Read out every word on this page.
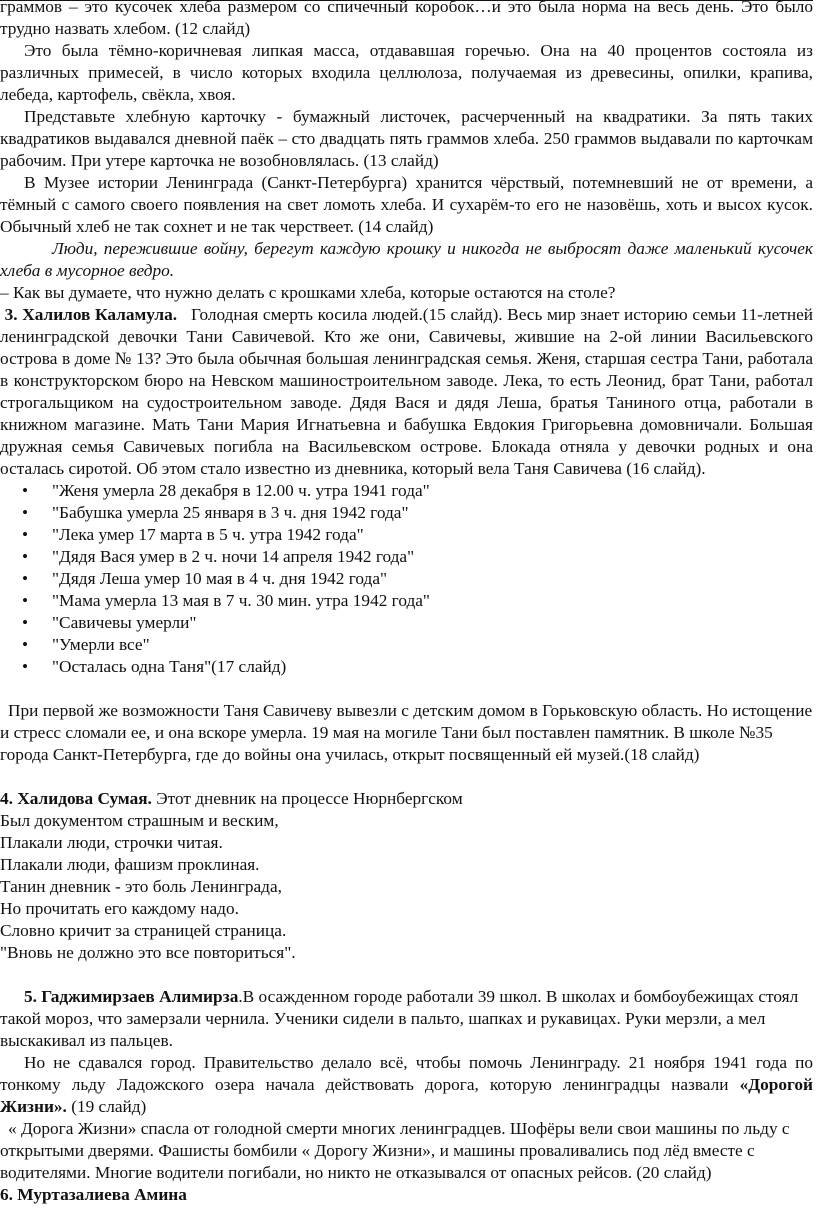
граммов – это кусочек хлеба размером со спичечный коробок…и это была норма на весь день. Это было трудно назвать хлебом. (12 слайд)

Это была тёмно-коричневая липкая масса, отдававшая горечью. Она на 40 процентов состояла из различных примесей, в число которых входила целлюлоза, получаемая из древесины, опилки, крапива, лебеда, картофель, свёкла, хвоя.

Представьте хлебную карточку - бумажный листочек, расчерченный на квадратики. За пять таких квадратиков выдавался дневной паёк – сто двадцать пять граммов хлеба. 250 граммов выдавали по карточкам рабочим. При утере карточка не возобновлялась. (13 слайд)

В Музее истории Ленинграда (Санкт-Петербурга) хранится чёрствый, потемневший не от времени, а тёмный с самого своего появления на свет ломоть хлеба. И сухарём-то его не назовёшь, хоть и высох кусок. Обычный хлеб не так сохнет и не так черствеет. (14 слайд)

Люди, пережившие войну, берегут каждую крошку и никогда не выбросят даже маленький кусочек хлеба в мусорное ведро.

– Как вы думаете, что нужно делать с крошками хлеба, которые остаются на столе?

3. Халилов Каламула. Голодная смерть косила людей.(15 слайд). Весь мир знает историю семьи 11-летней ленинградской девочки Тани Савичевой. Кто же они, Савичевы, жившие на 2-ой линии Васильевского острова в доме № 13? Это была обычная большая ленинградская семья. Женя, старшая сестра Тани, работала в конструкторском бюро на Невском машиностроительном заводе. Лека, то есть Леонид, брат Тани, работал строгальщиком на судостроительном заводе. Дядя Вася и дядя Леша, братья Таниного отца, работали в книжном магазине. Мать Тани Мария Игнатьевна и бабушка Евдокия Григорьевна домовничали. Большая дружная семья Савичевых погибла на Васильевском острове. Блокада отняла у девочки родных и она осталась сиротой. Об этом стало известно из дневника, который вела Таня Савичева (16 слайд).

• "Женя умерла 28 декабря в 12.00 ч. утра 1941 года"
• "Бабушка умерла 25 января в 3 ч. дня 1942 года"
• "Лека умер 17 марта в 5 ч. утра 1942 года"
• "Дядя Вася умер в 2 ч. ночи 14 апреля 1942 года"
• "Дядя Леша умер 10 мая в 4 ч. дня 1942 года"
• "Мама умерла 13 мая в 7 ч. 30 мин. утра 1942 года"
• "Савичевы умерли"
• "Умерли все"
• "Осталась одна Таня"(17 слайд)

При первой же возможности Таня Савичеву вывезли с детским домом в Горьковскую область. Но истощение и стресс сломали ее, и она вскоре умерла. 19 мая на могиле Тани был поставлен памятник. В школе №35 города Санкт-Петербурга, где до войны она училась, открыт посвященный ей музей.(18 слайд)

4. Халидова Сумая. Этот дневник на процессе Нюрнбергском

Был документом страшным и веским,

Плакали люди, строчки читая.

Плакали люди, фашизм проклиная.

Танин дневник - это боль Ленинграда,

Но прочитать его каждому надо.

Словно кричит за страницей страница.

"Вновь не должно это все повториться".

5. Гаджимирзаев Алимирза.В осажденном городе работали 39 школ. В школах и бомбоубежищах стоял такой мороз, что замерзали чернила. Ученики сидели в пальто, шапках и рукавицах. Руки мерзли, а мел выскакивал из пальцев.

Но не сдавался город. Правительство делало всё, чтобы помочь Ленинграду. 21 ноября 1941 года по тонкому льду Ладожского озера начала действовать дорога, которую ленинградцы назвали «Дорогой Жизни». (19 слайд)

« Дорога Жизни» спасла от голодной смерти многих ленинградцев. Шофёры вели свои машины по льду с открытыми дверями. Фашисты бомбили « Дорогу Жизни», и машины проваливались под лёд вместе с водителями. Многие водители погибали, но никто не отказывался от опасных рейсов. (20 слайд)

6. Муртазалиева Амина
